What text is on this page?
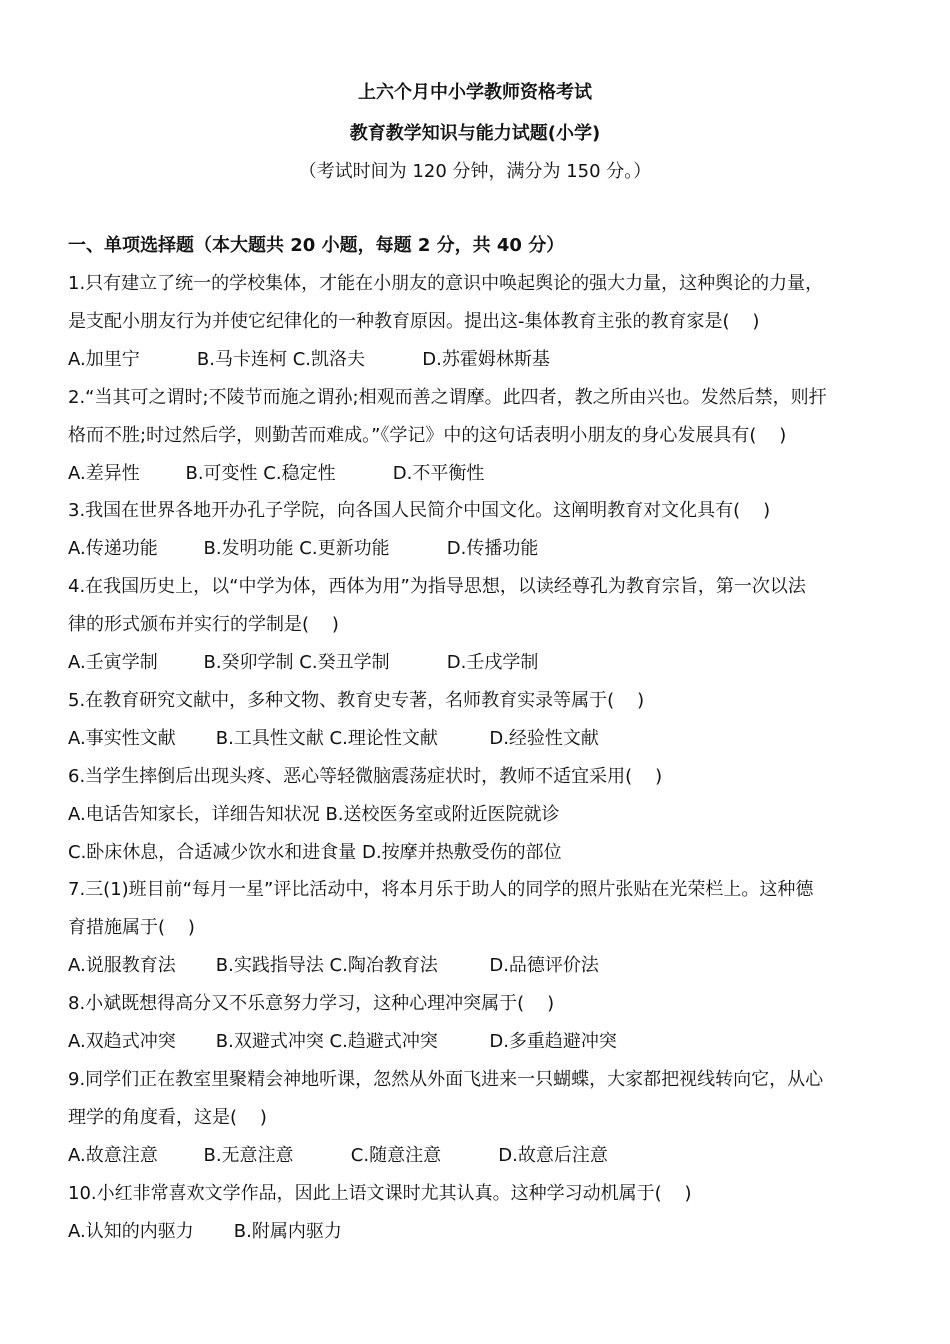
上六个月中小学教师资格考试
教育教学知识与能力试题(小学)
（考试时间为 120 分钟，满分为 150 分。）
一、单项选择题（本大题共 20 小题，每题 2 分，共 40 分）
1.只有建立了统一的学校集体，才能在小朋友的意识中唤起舆论的强大力量，这种舆论的力量，
是支配小朋友行为并使它纪律化的一种教育原因。提出这-集体教育主张的教育家是(    )
A.加里宁          B.马卡连柯 C.凯洛夫          D.苏霍姆林斯基
2.“当其可之谓时;不陵节而施之谓孙;相观而善之谓摩。此四者，教之所由兴也。发然后禁，则扞
格而不胜;时过然后学，则勤苦而难成。”《学记》中的这句话表明小朋友的身心发展具有(    )
A.差异性        B.可变性 C.稳定性          D.不平衡性
3.我国在世界各地开办孔子学院，向各国人民简介中国文化。这阐明教育对文化具有(    )
A.传递功能        B.发明功能 C.更新功能          D.传播功能
4.在我国历史上，以“中学为体，西体为用”为指导思想，以读经尊孔为教育宗旨，第一次以法
律的形式颁布并实行的学制是(    )
A.壬寅学制        B.癸卯学制 C.癸丑学制          D.壬戌学制
5.在教育研究文献中，多种文物、教育史专著，名师教育实录等属于(    )
A.事实性文献       B.工具性文献 C.理论性文献         D.经验性文献
6.当学生摔倒后出现头疼、恶心等轻微脑震荡症状时，教师不适宜采用(    )
A.电话告知家长，详细告知状况 B.送校医务室或附近医院就诊
C.卧床休息，合适减少饮水和进食量 D.按摩并热敷受伤的部位
7.三(1)班目前“每月一星”评比活动中，将本月乐于助人的同学的照片张贴在光荣栏上。这种德
育措施属于(    )
A.说服教育法       B.实践指导法 C.陶冶教育法         D.品德评价法
8.小斌既想得高分又不乐意努力学习，这种心理冲突属于(    )
A.双趋式冲突       B.双避式冲突 C.趋避式冲突         D.多重趋避冲突
9.同学们正在教室里聚精会神地听课，忽然从外面飞进来一只蝴蝶，大家都把视线转向它，从心
理学的角度看，这是(    )
A.故意注意        B.无意注意          C.随意注意          D.故意后注意
10.小红非常喜欢文学作品，因此上语文课时尤其认真。这种学习动机属于(    )
A.认知的内驱力       B.附属内驱力
